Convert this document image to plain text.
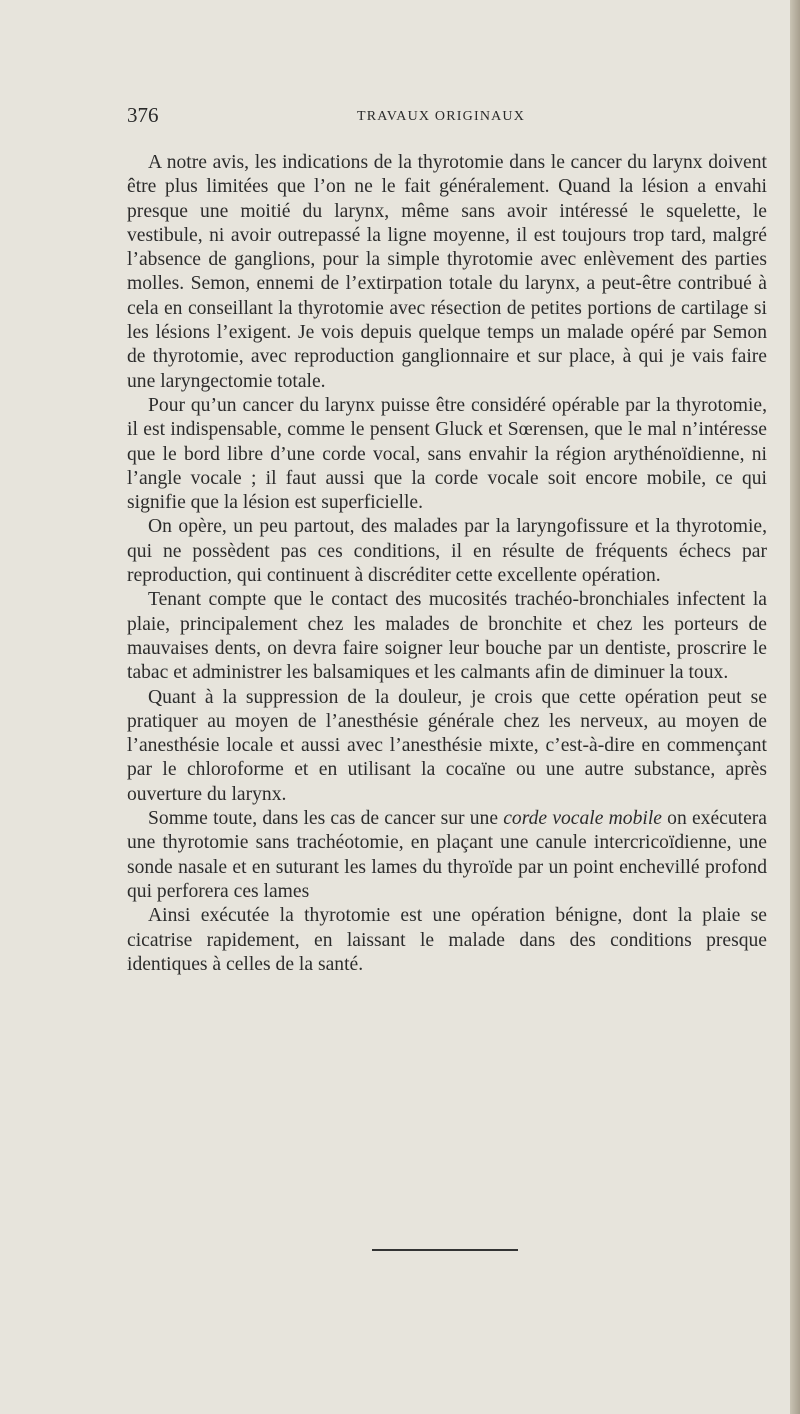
376	TRAVAUX ORIGINAUX

A notre avis, les indications de la thyrotomie dans le cancer du larynx doivent être plus limitées que l’on ne le fait généralement. Quand la lésion a envahi presque une moitié du larynx, même sans avoir intéressé le squelette, le vestibule, ni avoir outrepassé la ligne moyenne, il est toujours trop tard, malgré l’absence de ganglions, pour la simple thyrotomie avec enlèvement des parties molles. Semon, ennemi de l’extirpation totale du larynx, a peut-être contribué à cela en conseillant la thyrotomie avec résection de petites portions de cartilage si les lésions l’exigent. Je vois depuis quelque temps un malade opéré par Semon de thyrotomie, avec reproduction ganglionnaire et sur place, à qui je vais faire une laryngectomie totale.

Pour qu’un cancer du larynx puisse être considéré opérable par la thyrotomie, il est indispensable, comme le pensent Gluck et Sœrensen, que le mal n’intéresse que le bord libre d’une corde vocal, sans envahir la région arythénoïdienne, ni l’angle vocale ; il faut aussi que la corde vocale soit encore mobile, ce qui signifie que la lésion est superficielle.

On opère, un peu partout, des malades par la laryngofissure et la thyrotomie, qui ne possèdent pas ces conditions, il en résulte de fréquents échecs par reproduction, qui continuent à discréditer cette excellente opération.

Tenant compte que le contact des mucosités trachéo-bronchiales infectent la plaie, principalement chez les malades de bronchite et chez les porteurs de mauvaises dents, on devra faire soigner leur bouche par un dentiste, proscrire le tabac et administrer les balsamiques et les calmants afin de diminuer la toux.

Quant à la suppression de la douleur, je crois que cette opération peut se pratiquer au moyen de l’anesthésie générale chez les nerveux, au moyen de l’anesthésie locale et aussi avec l’anesthésie mixte, c’est-à-dire en commençant par le chloroforme et en utilisant la cocaïne ou une autre substance, après ouverture du larynx.

Somme toute, dans les cas de cancer sur une corde vocale mobile on exécutera une thyrotomie sans trachéotomie, en plaçant une canule intercricoïdienne, une sonde nasale et en suturant les lames du thyroïde par un point enchevillé profond qui perforera ces lames

Ainsi exécutée la thyrotomie est une opération bénigne, dont la plaie se cicatrise rapidement, en laissant le malade dans des conditions presque identiques à celles de la santé.
